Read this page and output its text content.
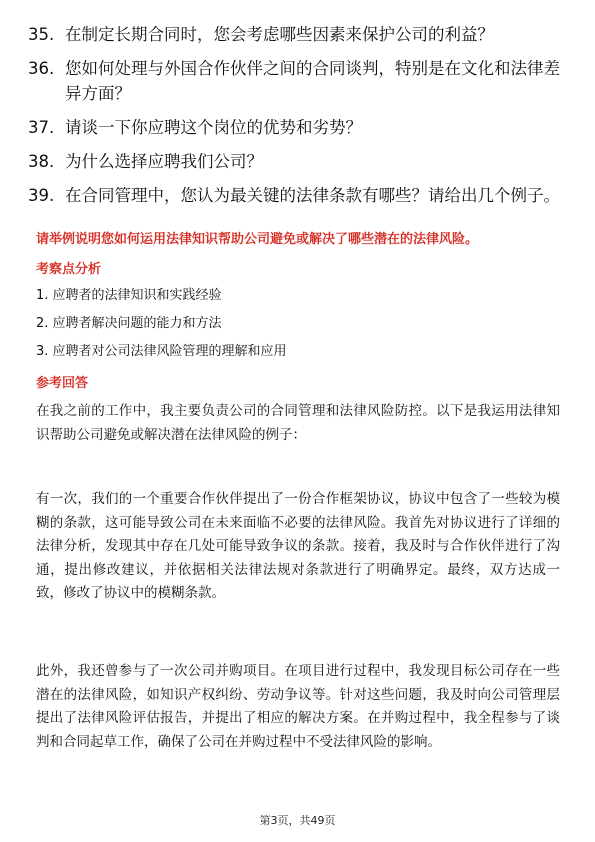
35. 在制定长期合同时，您会考虑哪些因素来保护公司的利益？
36. 您如何处理与外国合作伙伴之间的合同谈判，特别是在文化和法律差异方面？
37. 请谈一下你应聘这个岗位的优势和劣势？
38. 为什么选择应聘我们公司？
39. 在合同管理中，您认为最关键的法律条款有哪些？请给出几个例子。
请举例说明您如何运用法律知识帮助公司避免或解决了哪些潜在的法律风险。
考察点分析
1. 应聘者的法律知识和实践经验
2. 应聘者解决问题的能力和方法
3. 应聘者对公司法律风险管理的理解和应用
参考回答
在我之前的工作中，我主要负责公司的合同管理和法律风险防控。以下是我运用法律知识帮助公司避免或解决潜在法律风险的例子：
有一次，我们的一个重要合作伙伴提出了一份合作框架协议，协议中包含了一些较为模糊的条款，这可能导致公司在未来面临不必要的法律风险。我首先对协议进行了详细的法律分析，发现其中存在几处可能导致争议的条款。接着，我及时与合作伙伴进行了沟通，提出修改建议，并依据相关法律法规对条款进行了明确界定。最终，双方达成一致，修改了协议中的模糊条款。
此外，我还曾参与了一次公司并购项目。在项目进行过程中，我发现目标公司存在一些潜在的法律风险，如知识产权纠纷、劳动争议等。针对这些问题，我及时向公司管理层提出了法律风险评估报告，并提出了相应的解决方案。在并购过程中，我全程参与了谈判和合同起草工作，确保了公司在并购过程中不受法律风险的影响。
第3页，共49页
